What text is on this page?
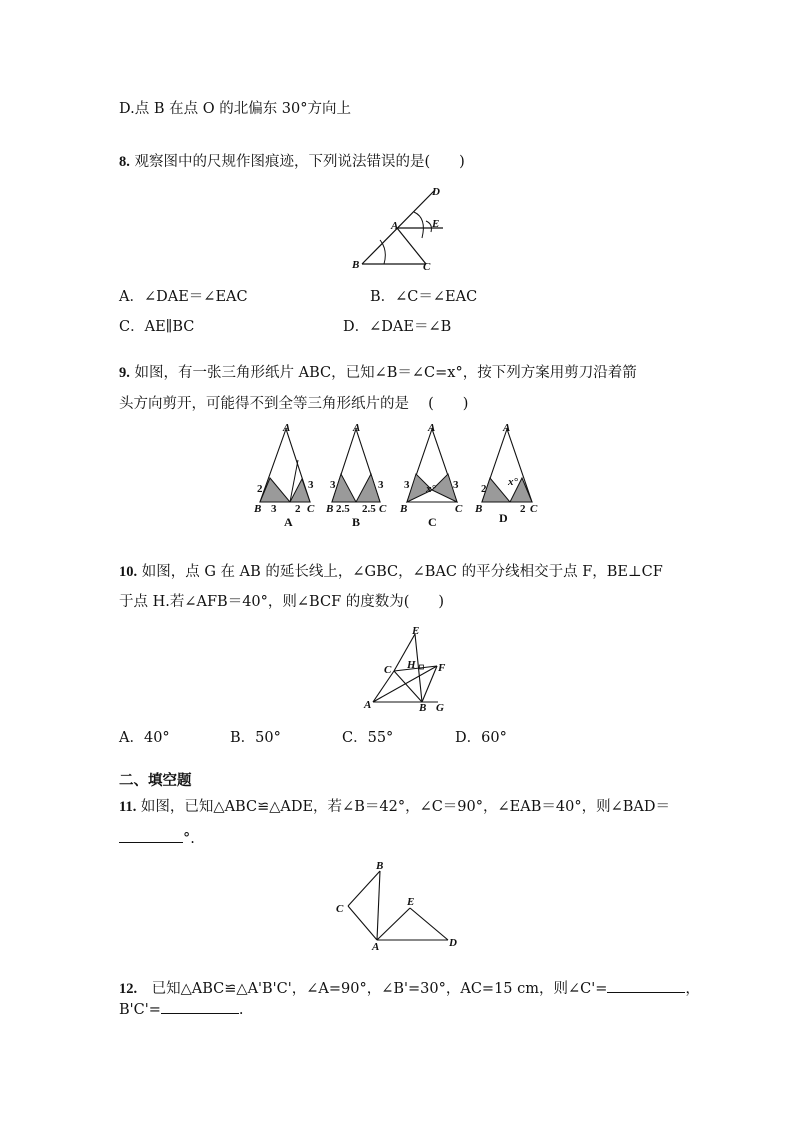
D.点 B 在点 O 的北偏东 30°方向上
8. 观察图中的尺规作图痕迹，下列说法错误的是(　　)
B	C
A
D
E
A．∠DAE＝∠EAC	B．∠C＝∠EAC
C．AE∥BC	D．∠DAE＝∠B
9. 如图，有一张三角形纸片 ABC，已知∠B＝∠C=x°，按下列方案用剪刀沿着箭
头方向剪开，可能得不到全等三角形纸片的是 　(　　)
A
B	C
2
3 2
3
A
A
B	C
3
2.5 2.5
3
B
A
B	C
3 x° 3
C
A
B	C
2
x°
2
D
10. 如图，点 G 在 AB 的延长线上，∠GBC，∠BAC 的平分线相交于点 F，BE⊥CF
于点 H.若∠AFB＝40°，则∠BCF 的度数为(　　)
E
C H F
A	B G
A．40°	B．50°	C．55°	D．60°
二、填空题
11. 如图，已知△ABC≌△ADE，若∠B＝42°，∠C＝90°，∠EAB＝40°，则∠BAD＝
°.
B
C
E
A	D
12.　已知△ABC≌△A'B'C'，∠A=90°，∠B'=30°，AC=15 cm，则∠C'=	，
B'C'=	.
